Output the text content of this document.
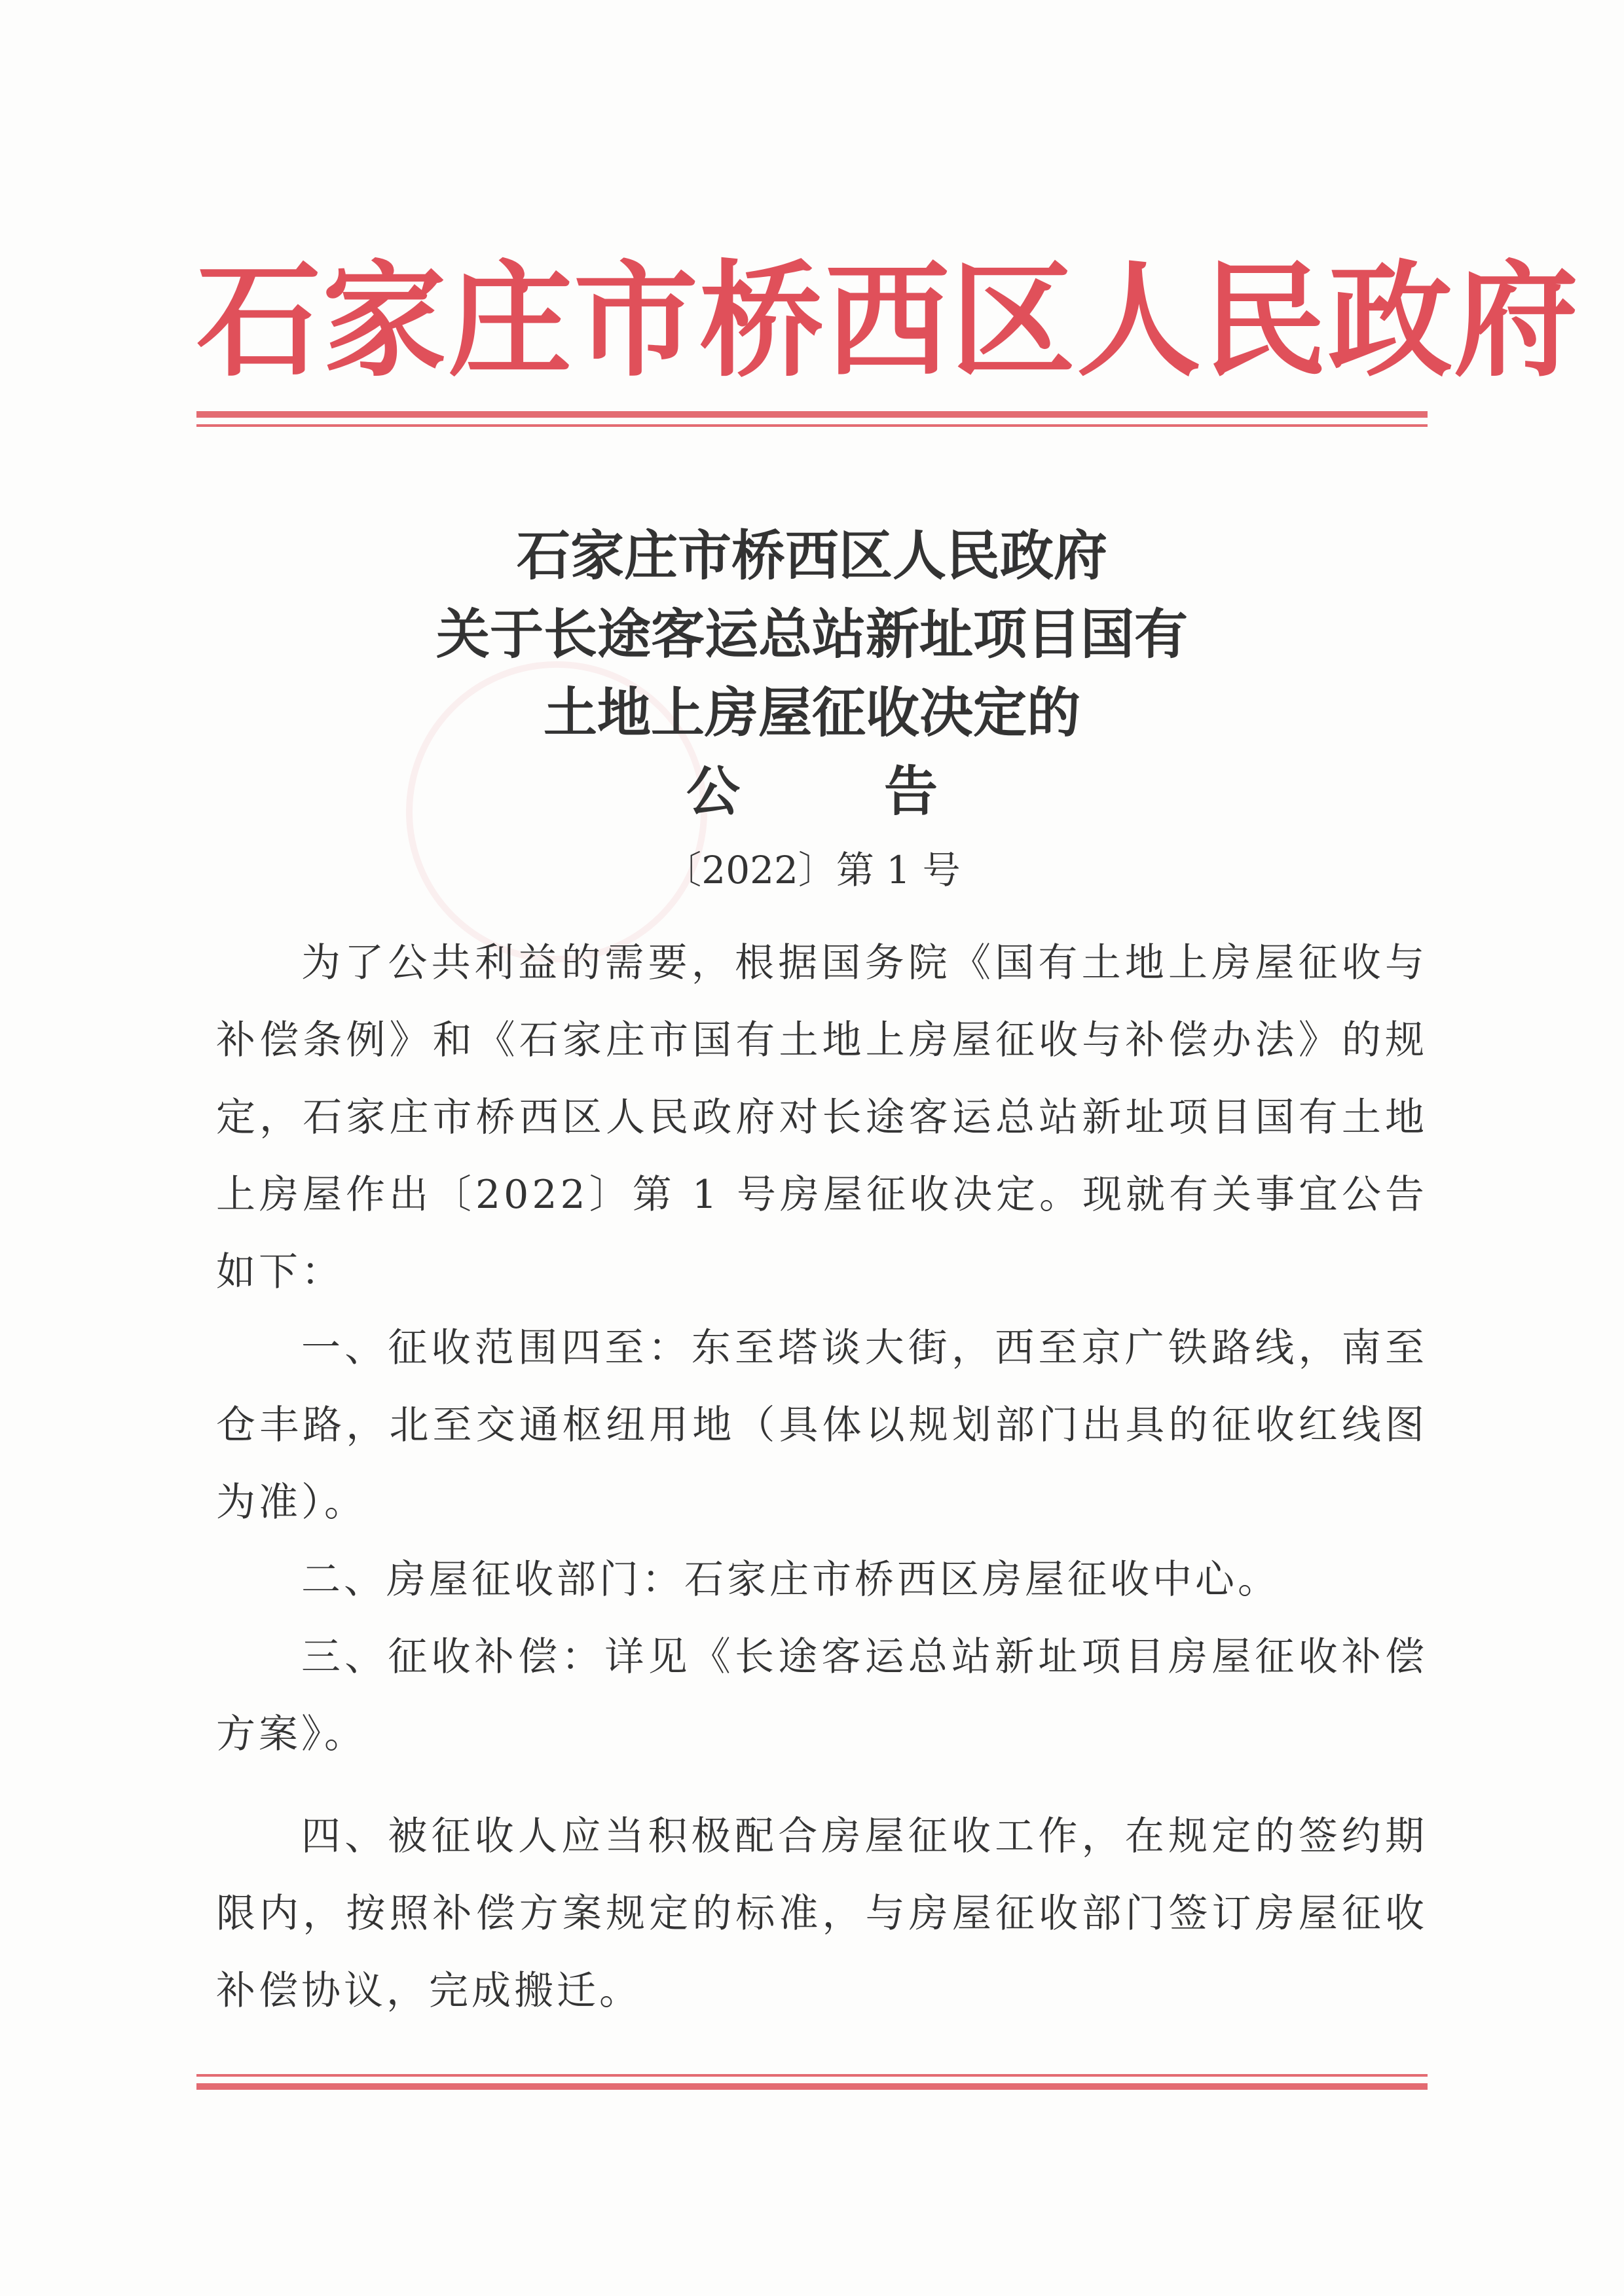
石家庄市桥西区人民政府
石家庄市桥西区人民政府
关于长途客运总站新址项目国有
土地上房屋征收决定的
公告
〔2022〕第 1 号

为了公共利益的需要，根据国务院《国有土地上房屋征收与补偿条例》和《石家庄市国有土地上房屋征收与补偿办法》的规定，石家庄市桥西区人民政府对长途客运总站新址项目国有土地上房屋作出〔2022〕第 1 号房屋征收决定。现就有关事宜公告如下：

一、征收范围四至：东至塔谈大街，西至京广铁路线，南至仓丰路，北至交通枢纽用地（具体以规划部门出具的征收红线图为准）。

二、房屋征收部门：石家庄市桥西区房屋征收中心。

三、征收补偿：详见《长途客运总站新址项目房屋征收补偿方案》。

四、被征收人应当积极配合房屋征收工作，在规定的签约期限内，按照补偿方案规定的标准，与房屋征收部门签订房屋征收补偿协议，完成搬迁。
